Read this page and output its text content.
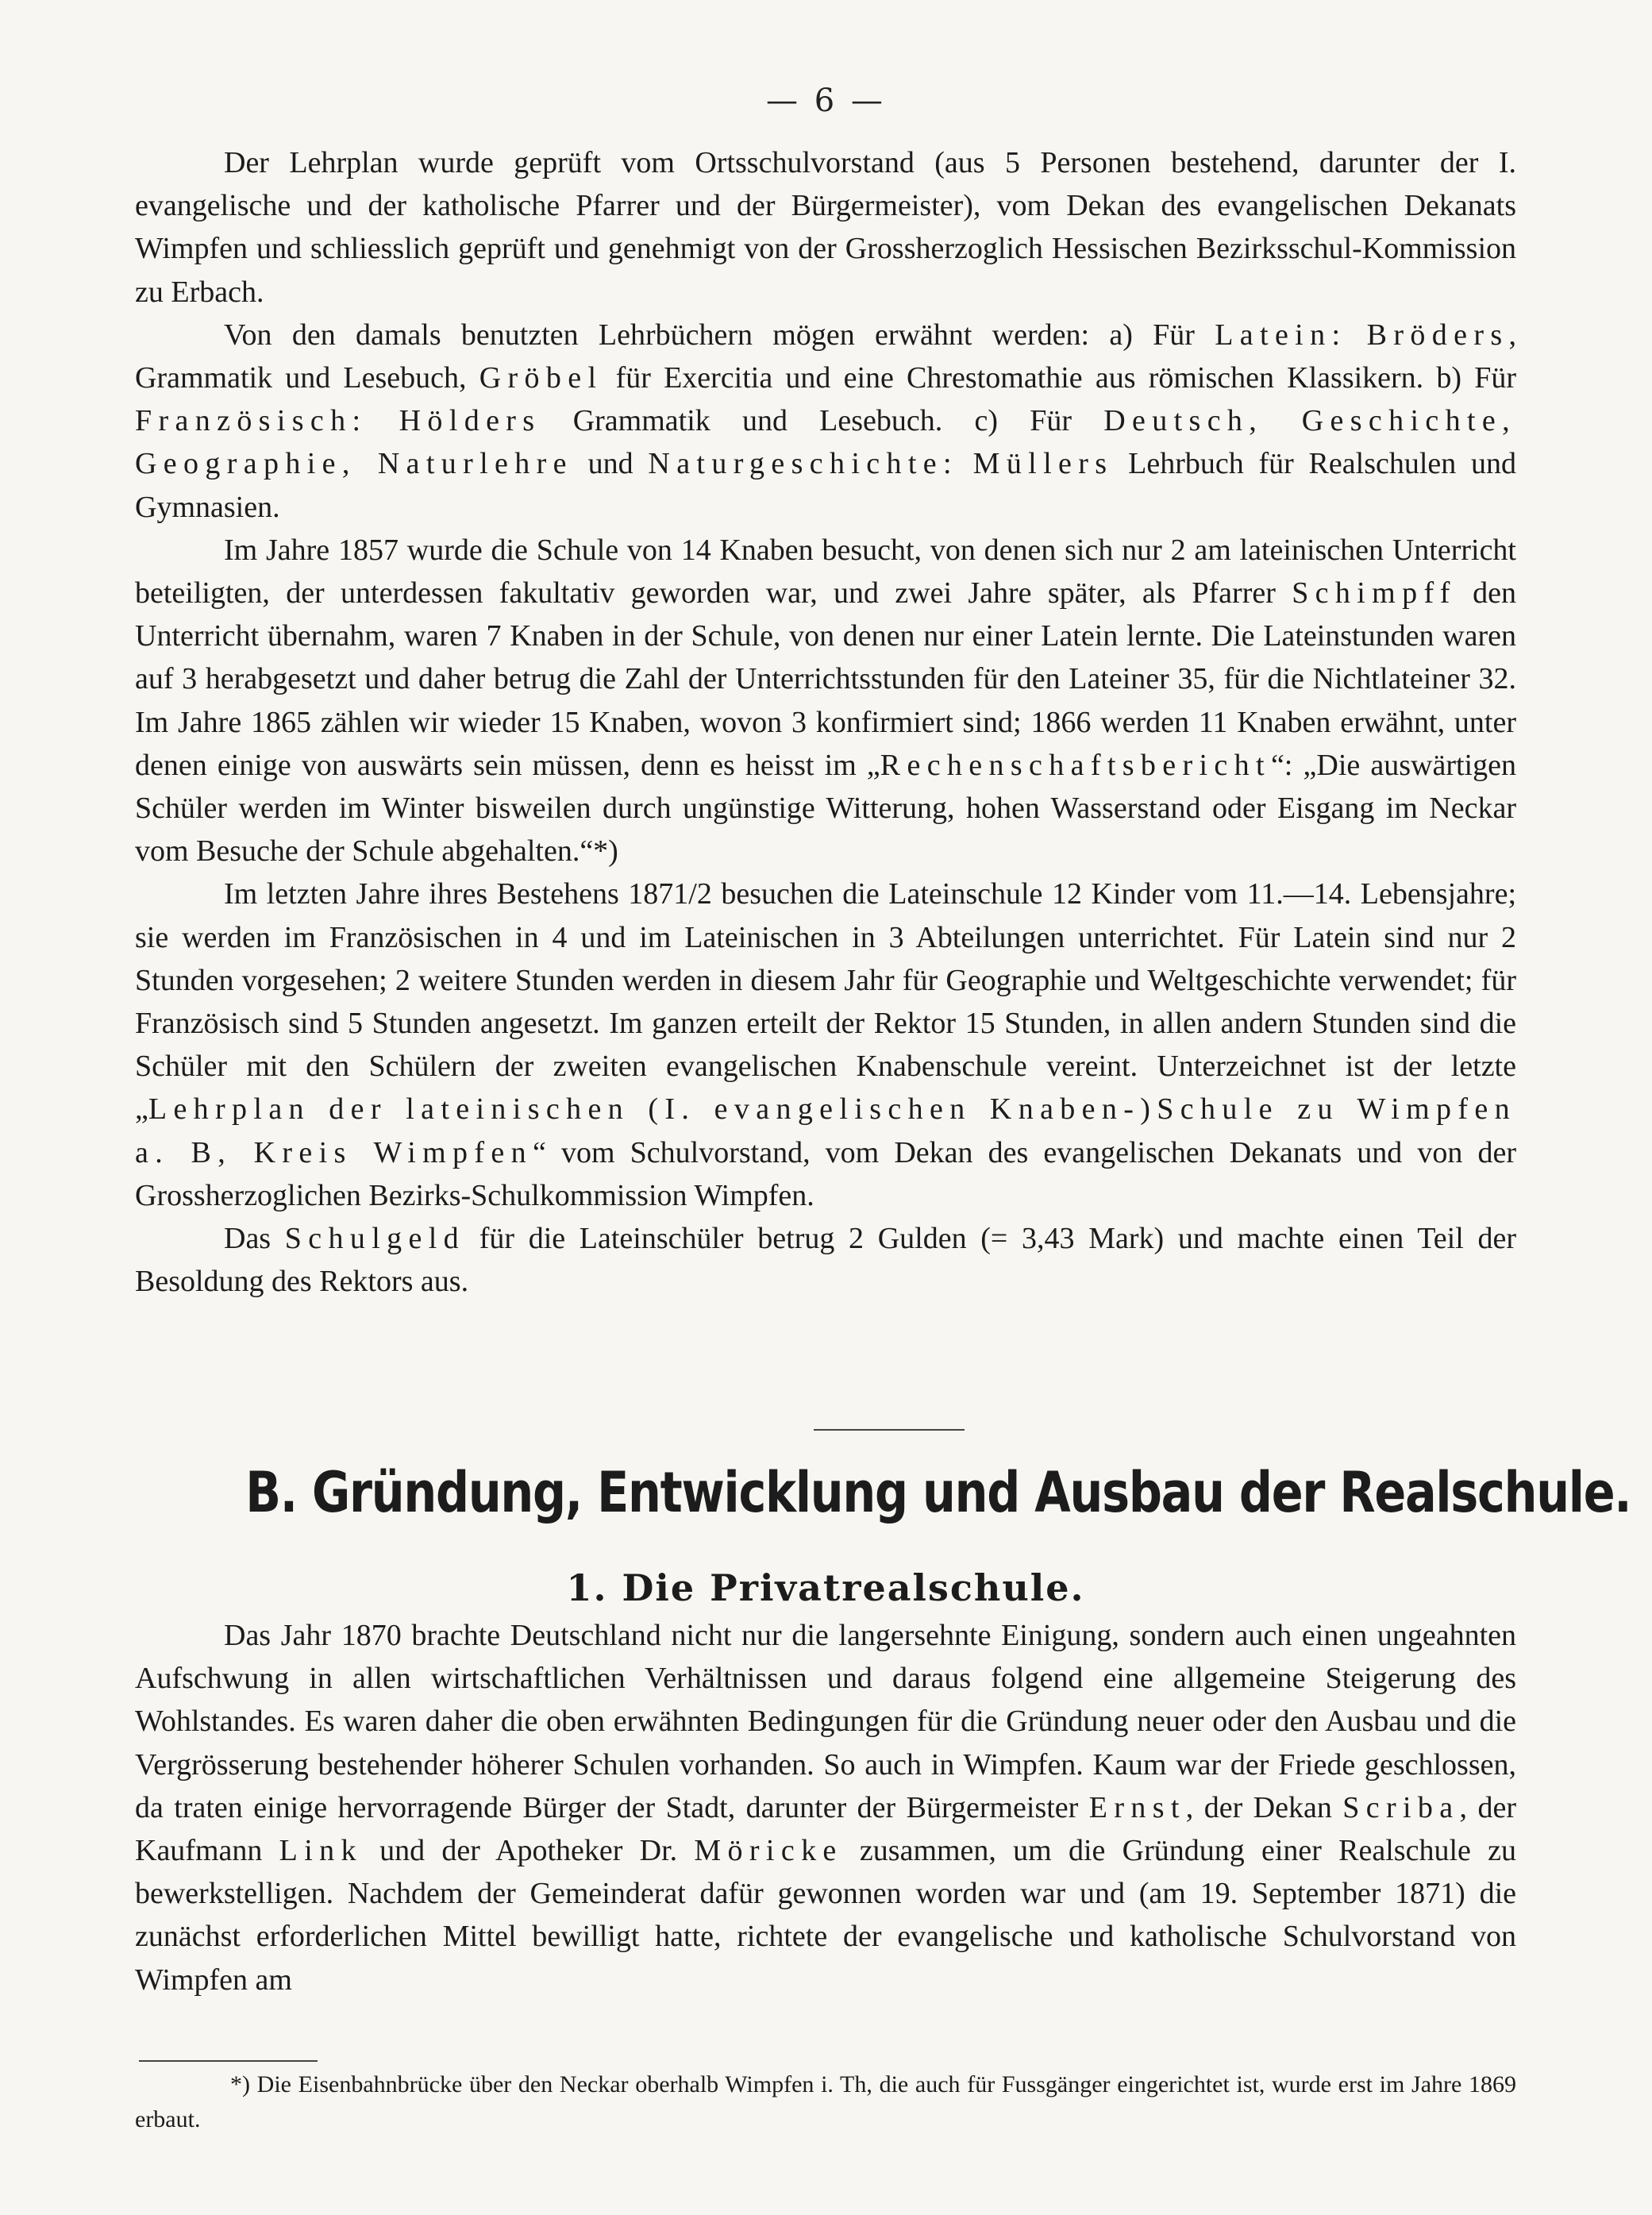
— 6 —

Der Lehrplan wurde geprüft vom Ortsschulvorstand (aus 5 Personen bestehend, darunter der I. evangelische und der katholische Pfarrer und der Bürgermeister), vom Dekan des evangelischen Dekanats Wimpfen und schliesslich geprüft und genehmigt von der Grossherzoglich Hessischen Bezirksschul-Kommission zu Erbach.

Von den damals benutzten Lehrbüchern mögen erwähnt werden: a) Für Latein: Bröders, Grammatik und Lesebuch, Gröbel für Exercitia und eine Chrestomathie aus römischen Klassikern. b) Für Französisch: Hölders Grammatik und Lesebuch. c) Für Deutsch, Geschichte, Geographie, Naturlehre und Naturgeschichte: Müllers Lehrbuch für Realschulen und Gymnasien.

Im Jahre 1857 wurde die Schule von 14 Knaben besucht, von denen sich nur 2 am lateinischen Unterricht beteiligten, der unterdessen fakultativ geworden war, und zwei Jahre später, als Pfarrer Schimpff den Unterricht übernahm, waren 7 Knaben in der Schule, von denen nur einer Latein lernte. Die Lateinstunden waren auf 3 herabgesetzt und daher betrug die Zahl der Unterrichtsstunden für den Lateiner 35, für die Nichtlateiner 32. Im Jahre 1865 zählen wir wieder 15 Knaben, wovon 3 konfirmiert sind; 1866 werden 11 Knaben erwähnt, unter denen einige von auswärts sein müssen, denn es heisst im „Rechenschaftsbericht“: „Die auswärtigen Schüler werden im Winter bisweilen durch ungünstige Witterung, hohen Wasserstand oder Eisgang im Neckar vom Besuche der Schule abgehalten.“*)

Im letzten Jahre ihres Bestehens 1871/2 besuchen die Lateinschule 12 Kinder vom 11.—14. Lebensjahre; sie werden im Französischen in 4 und im Lateinischen in 3 Abteilungen unterrichtet. Für Latein sind nur 2 Stunden vorgesehen; 2 weitere Stunden werden in diesem Jahr für Geographie und Weltgeschichte verwendet; für Französisch sind 5 Stunden angesetzt. Im ganzen erteilt der Rektor 15 Stunden, in allen andern Stunden sind die Schüler mit den Schülern der zweiten evangelischen Knabenschule vereint. Unterzeichnet ist der letzte „Lehrplan der lateinischen (I. evangelischen Knaben-)Schule zu Wimpfen a. B, Kreis Wimpfen“ vom Schulvorstand, vom Dekan des evangelischen Dekanats und von der Grossherzoglichen Bezirks-Schulkommission Wimpfen.

Das Schulgeld für die Lateinschüler betrug 2 Gulden (= 3,43 Mark) und machte einen Teil der Besoldung des Rektors aus.

B. Gründung, Entwicklung und Ausbau der Realschule.
1. Die Privatrealschule.

Das Jahr 1870 brachte Deutschland nicht nur die langersehnte Einigung, sondern auch einen ungeahnten Aufschwung in allen wirtschaftlichen Verhältnissen und daraus folgend eine allgemeine Steigerung des Wohlstandes. Es waren daher die oben erwähnten Bedingungen für die Gründung neuer oder den Ausbau und die Vergrösserung bestehender höherer Schulen vorhanden. So auch in Wimpfen. Kaum war der Friede geschlossen, da traten einige hervorragende Bürger der Stadt, darunter der Bürgermeister Ernst, der Dekan Scriba, der Kaufmann Link und der Apotheker Dr. Möricke zusammen, um die Gründung einer Realschule zu bewerkstelligen. Nachdem der Gemeinderat dafür gewonnen worden war und (am 19. September 1871) die zunächst erforderlichen Mittel bewilligt hatte, richtete der evangelische und katholische Schulvorstand von Wimpfen am

*) Die Eisenbahnbrücke über den Neckar oberhalb Wimpfen i. Th, die auch für Fussgänger eingerichtet ist, wurde erst im Jahre 1869 erbaut.
